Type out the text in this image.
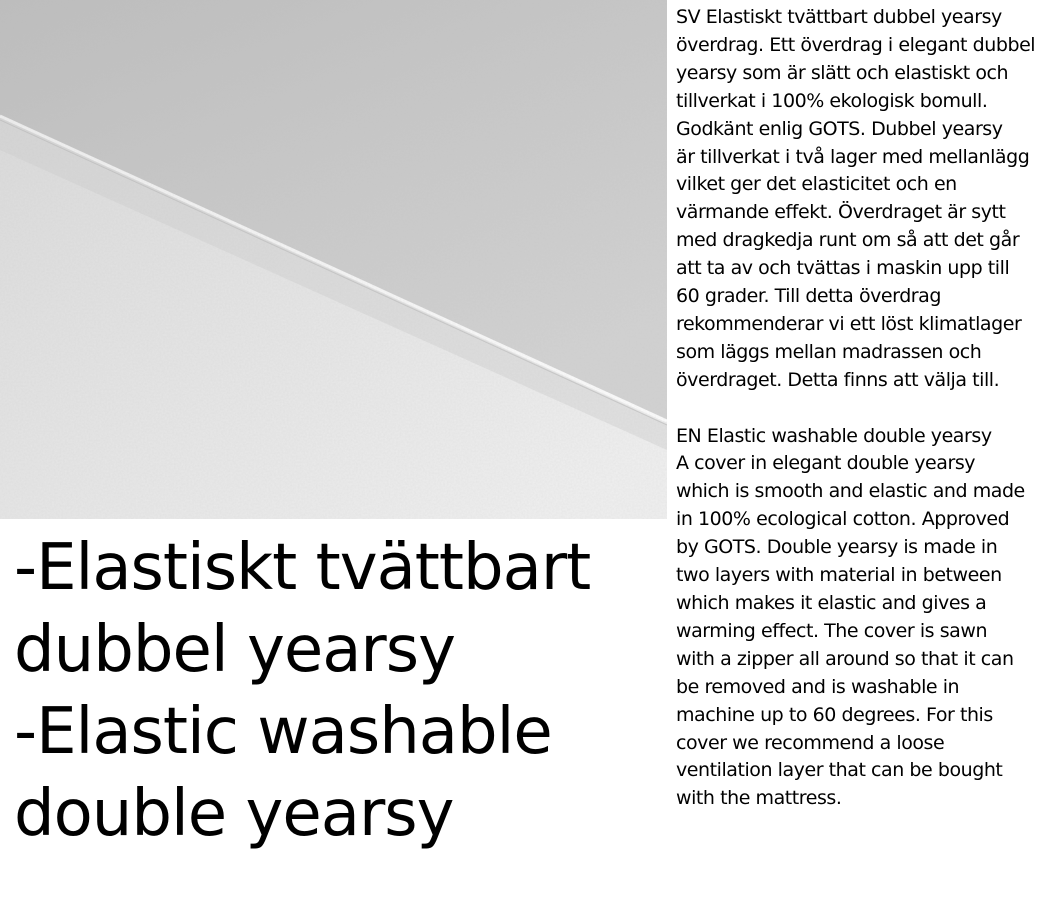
-Elastiskt tvättbart
dubbel yearsy
-Elastic washable
double yearsy

SV Elastiskt tvättbart dubbel yearsy
överdrag. Ett överdrag i elegant dubbel
yearsy som är slätt och elastiskt och
tillverkat i 100% ekologisk bomull.
Godkänt enlig GOTS. Dubbel yearsy
är tillverkat i två lager med mellanlägg
vilket ger det elasticitet och en
värmande effekt. Överdraget är sytt
med dragkedja runt om så att det går
att ta av och tvättas i maskin upp till
60 grader. Till detta överdrag
rekommenderar vi ett löst klimatlager
som läggs mellan madrassen och
överdraget. Detta finns att välja till.

EN Elastic washable double yearsy
A cover in elegant double yearsy
which is smooth and elastic and made
in 100% ecological cotton. Approved
by GOTS. Double yearsy is made in
two layers with material in between
which makes it elastic and gives a
warming effect. The cover is sawn
with a zipper all around so that it can
be removed and is washable in
machine up to 60 degrees. For this
cover we recommend a loose
ventilation layer that can be bought
with the mattress.
